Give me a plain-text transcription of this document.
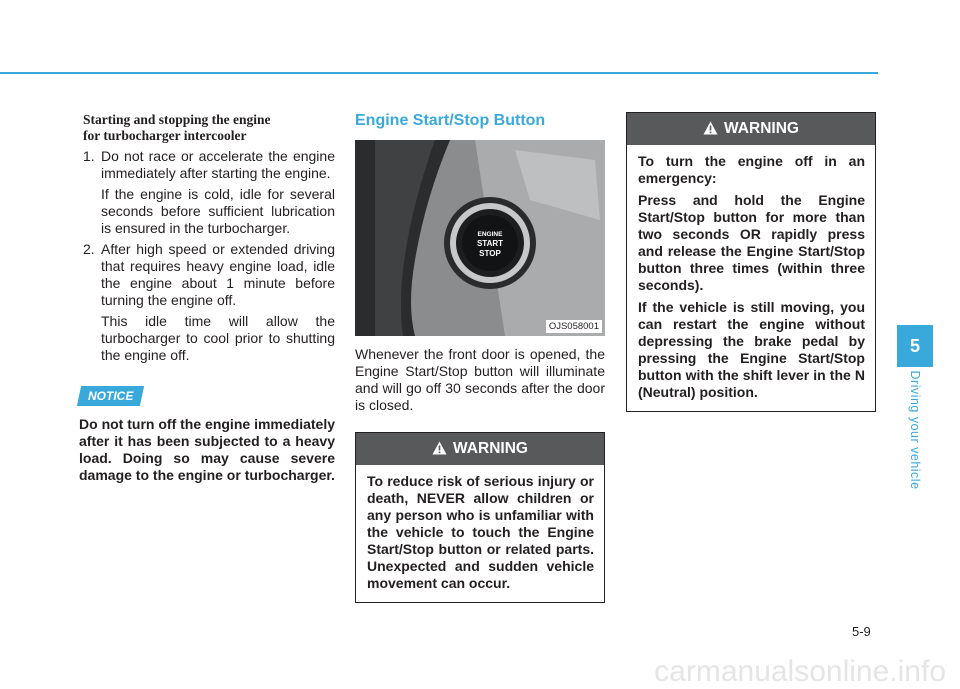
Starting and stopping the engine
for turbocharger intercooler
1. Do not race or accelerate the engine immediately after starting the engine.

If the engine is cold, idle for several seconds before sufficient lubrication is ensured in the turbocharger.

2. After high speed or extended driving that requires heavy engine load, idle the engine about 1 minute before turning the engine off.

This idle time will allow the turbocharger to cool prior to shutting the engine off.

NOTICE

Do not turn off the engine immediately after it has been subjected to a heavy load. Doing so may cause severe damage to the engine or turbocharger.

Engine Start/Stop Button
ENGINE
START
STOP
OJS058001

Whenever the front door is opened, the Engine Start/Stop button will illuminate and will go off 30 seconds after the door is closed.

WARNING

To reduce risk of serious injury or death, NEVER allow children or any person who is unfamiliar with the vehicle to touch the Engine Start/Stop button or related parts. Unexpected and sudden vehicle movement can occur.

WARNING

To turn the engine off in an emergency:

Press and hold the Engine Start/Stop button for more than two seconds OR rapidly press and release the Engine Start/Stop button three times (within three seconds).

If the vehicle is still moving, you can restart the engine without depressing the brake pedal by pressing the Engine Start/Stop button with the shift lever in the N (Neutral) position.

5
Driving your vehicle
5-9
carmanualsonline.info
